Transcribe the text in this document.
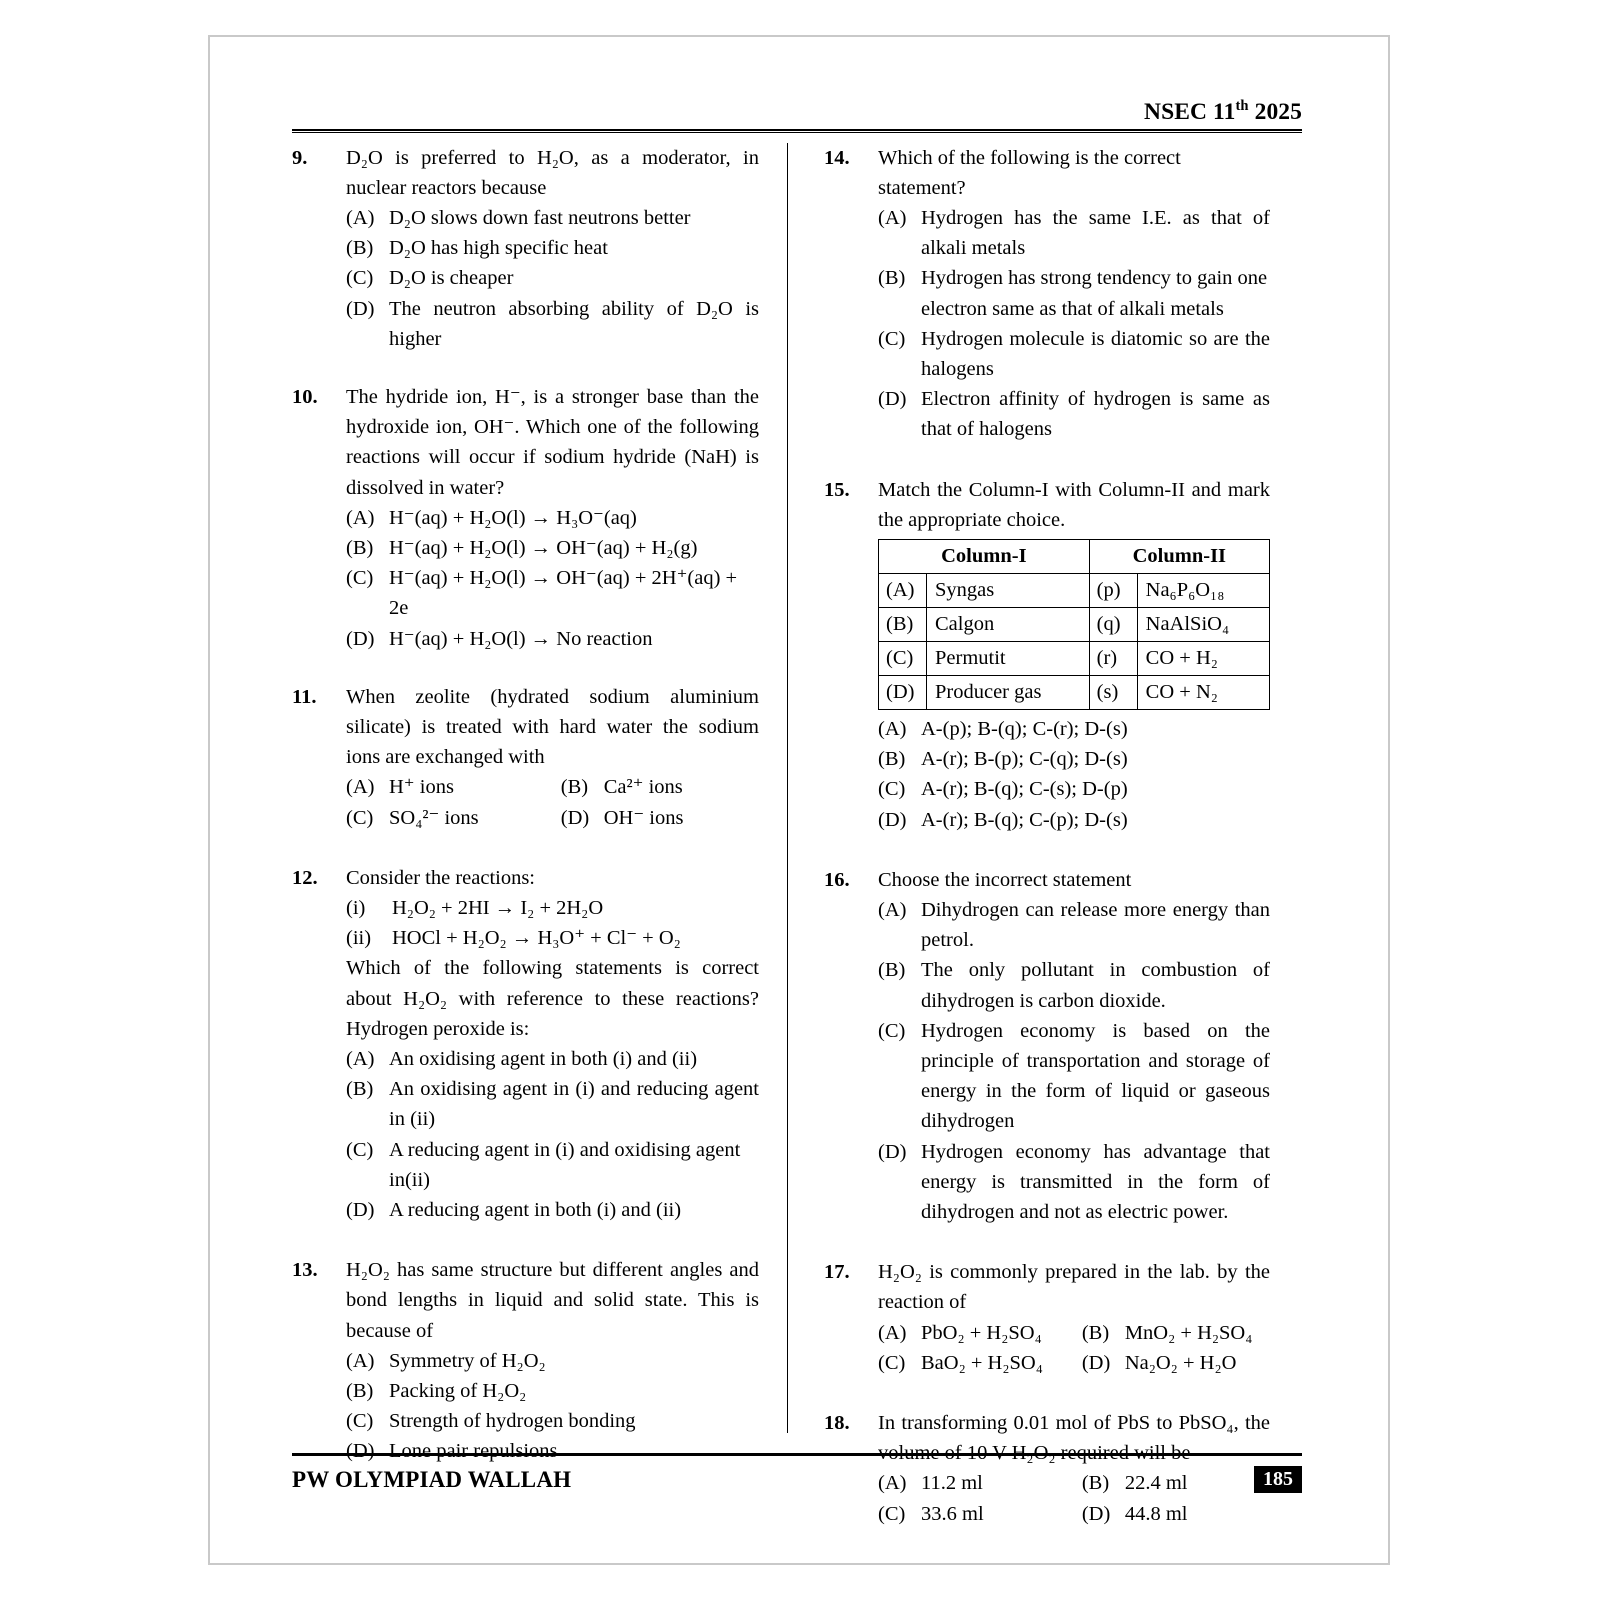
NSEC 11th 2025
9.	D₂O is preferred to H₂O, as a moderator, in nuclear reactors because
(A) D₂O slows down fast neutrons better
(B) D₂O has high specific heat
(C) D₂O is cheaper
(D) The neutron absorbing ability of D₂O is higher
10.	The hydride ion, H⁻, is a stronger base than the hydroxide ion, OH⁻. Which one of the following reactions will occur if sodium hydride (NaH) is dissolved in water?
(A) H⁻(aq) + H₂O(l) → H₃O⁻(aq)
(B) H⁻(aq) + H₂O(l) → OH⁻(aq) + H₂(g)
(C) H⁻(aq) + H₂O(l) → OH⁻(aq) + 2H⁺(aq) + 2e
(D) H⁻(aq) + H₂O(l) → No reaction
11.	When zeolite (hydrated sodium aluminium silicate) is treated with hard water the sodium ions are exchanged with
(A) H⁺ ions	(B) Ca²⁺ ions
(C) SO₄²⁻ ions	(D) OH⁻ ions
12.	Consider the reactions:
(i)	H₂O₂ + 2HI → I₂ + 2H₂O
(ii)	HOCl + H₂O₂ → H₃O⁺ + Cl⁻ + O₂
Which of the following statements is correct about H₂O₂ with reference to these reactions? Hydrogen peroxide is:
(A) An oxidising agent in both (i) and (ii)
(B) An oxidising agent in (i) and reducing agent in (ii)
(C) A reducing agent in (i) and oxidising agent in(ii)
(D) A reducing agent in both (i) and (ii)
13.	H₂O₂ has same structure but different angles and bond lengths in liquid and solid state. This is because of
(A) Symmetry of H₂O₂
(B) Packing of H₂O₂
(C) Strength of hydrogen bonding
(D) Lone pair repulsions
14.	Which of the following is the correct statement?
(A) Hydrogen has the same I.E. as that of alkali metals
(B) Hydrogen has strong tendency to gain one electron same as that of alkali metals
(C) Hydrogen molecule is diatomic so are the halogens
(D) Electron affinity of hydrogen is same as that of halogens
15.	Match the Column-I with Column-II and mark the appropriate choice.
Column-I		Column-II	
(A)	Syngas	(p)	Na₆P₆O₁₈
(B)	Calgon	(q)	NaAlSiO₄
(C)	Permutit	(r)	CO + H₂
(D)	Producer gas	(s)	CO + N₂
(A) A-(p); B-(q); C-(r); D-(s)
(B) A-(r); B-(p); C-(q); D-(s)
(C) A-(r); B-(q); C-(s); D-(p)
(D) A-(r); B-(q); C-(p); D-(s)
16.	Choose the incorrect statement
(A) Dihydrogen can release more energy than petrol.
(B) The only pollutant in combustion of dihydrogen is carbon dioxide.
(C) Hydrogen economy is based on the principle of transportation and storage of energy in the form of liquid or gaseous dihydrogen
(D) Hydrogen economy has advantage that energy is transmitted in the form of dihydrogen and not as electric power.
17.	H₂O₂ is commonly prepared in the lab. by the reaction of
(A) PbO₂ + H₂SO₄	(B) MnO₂ + H₂SO₄
(C) BaO₂ + H₂SO₄	(D) Na₂O₂ + H₂O
18.	In transforming 0.01 mol of PbS to PbSO₄, the volume of 10 V H₂O₂ required will be
(A) 11.2 ml	(B) 22.4 ml
(C) 33.6 ml	(D) 44.8 ml
PW OLYMPIAD WALLAH	185
